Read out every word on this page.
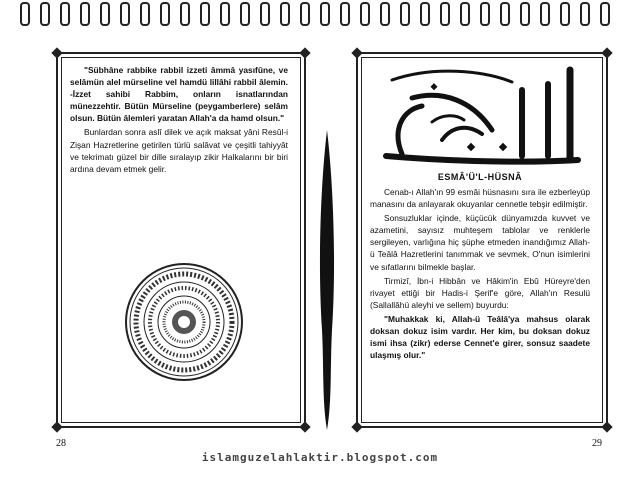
"Sübhâne rabbike rabbil izzeti âmmâ yasıfûne, ve selâmün alel mürseline vel hamdü lillâhi rabbil âlemin. -İzzet sahibi Rabbim, onların isnatlarından münezzehtir. Bütün Mürseline (peygamberlere) selâm olsun. Bütün âlemleri yaratan Allah'a da hamd olsun."

Bunlardan sonra aslî dilek ve açık maksat yâni Resûl-i Zişan Hazretlerine getirilen türlü salâvat ve çeşitli tahiyyât ve tekrimatı güzel bir dille sıralayıp zikir Halkalarını bir biri ardına devam etmek gelir.

28
ESMÂ'Ü'L-HÜSNÂ

Cenab-ı Allah'ın 99 esmâi hüsnasını sıra ile ezberleyüp manasını da anlayarak okuyanlar cennetle tebşir edilmiştir.

Sonsuzluklar içinde, küçücük dünyamızda kuvvet ve azametini, sayısız muhteşem tablolar ve renklerle sergileyen, varlığına hiç şüphe etmeden inandığımız Allah-ü Teâlâ Hazretlerini tanımmak ve sevmek, O'nun isimlerini ve sıfatlarını bilmekle başlar.

Tirmizî, İbn-i Hibbân ve Hâkim'in Ebû Hüreyre'den rivayet ettiği bir Hadis-i Şerif'e göre, Allah'ın Resulü (Sallallâhü aleyhi ve sellem) buyurdu:

"Muhakkak ki, Allah-ü Teâlâ'ya mahsus olarak doksan dokuz isim vardır. Her kim, bu doksan dokuz ismi ihsa (zikr) ederse Cennet'e girer, sonsuz saadete ulaşmış olur."

29
islamguzelahlaktir.blogspot.com
